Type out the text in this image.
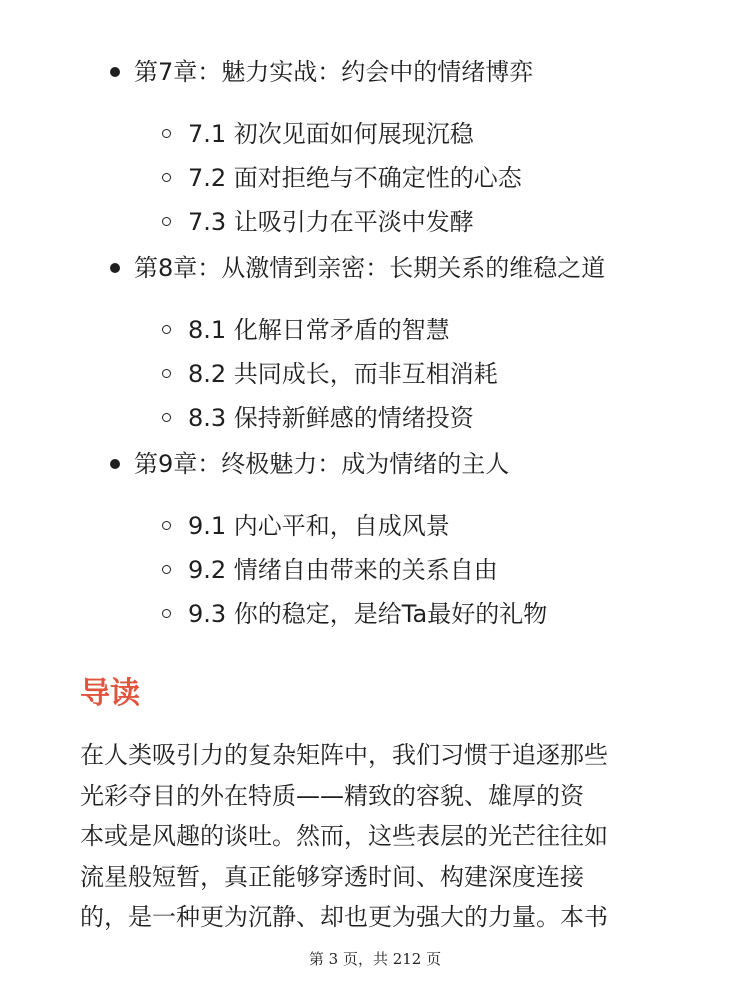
第7章：魅力实战：约会中的情绪博弈
7.1 初次见面如何展现沉稳
7.2 面对拒绝与不确定性的心态
7.3 让吸引力在平淡中发酵
第8章：从激情到亲密：长期关系的维稳之道
8.1 化解日常矛盾的智慧
8.2 共同成长，而非互相消耗
8.3 保持新鲜感的情绪投资
第9章：终极魅力：成为情绪的主人
9.1 内心平和，自成风景
9.2 情绪自由带来的关系自由
9.3 你的稳定，是给Ta最好的礼物
导读
在人类吸引力的复杂矩阵中，我们习惯于追逐那些
光彩夺目的外在特质——精致的容貌、雄厚的资
本或是风趣的谈吐。然而，这些表层的光芒往往如
流星般短暂，真正能够穿透时间、构建深度连接
的，是一种更为沉静、却也更为强大的力量。本书
第 3 页，共 212 页
